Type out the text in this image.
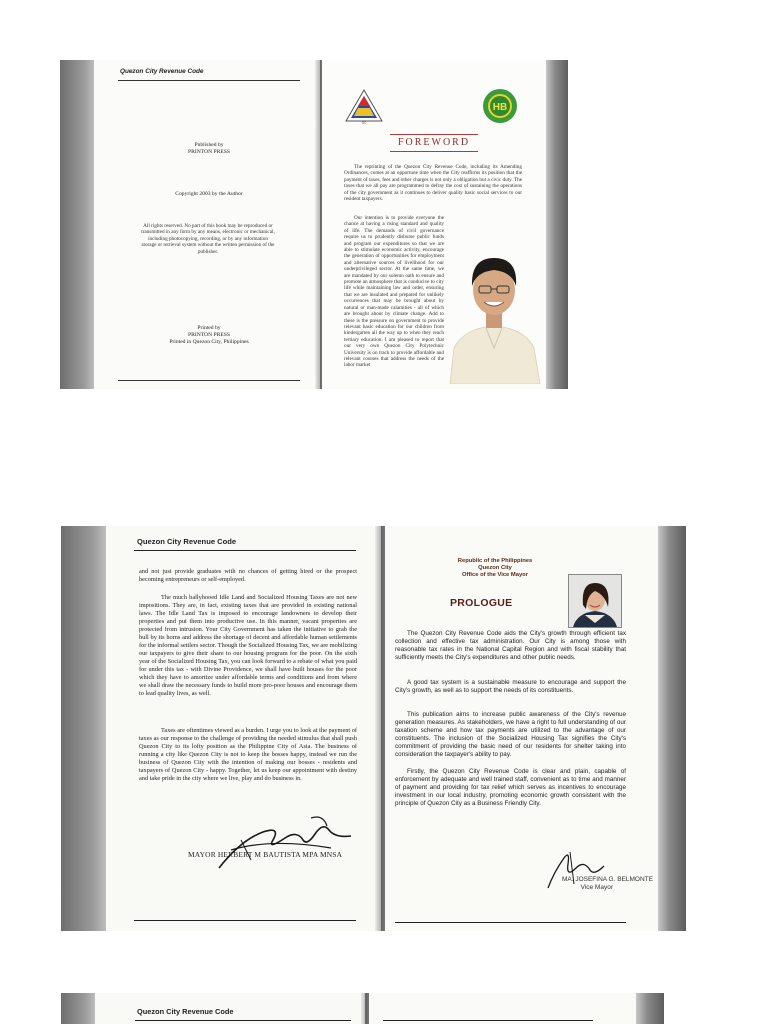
Quezon City Revenue Code
Published by
PRINTON PRESS
Copyright 2003 by the Author
All rights reserved. No part of this book may be reproduced or transmitted in any form by any means, electronic or mechanical, including photocopying, recording, or by any information storage or retrieval system without the written permission of the publisher.
Printed by
PRINTON PRESS
Printed in Quezon City, Philippines
QC
HB
FOREWORD

The reprinting of the Quezon City Revenue Code, including its Amending Ordinances, comes at an opportune time when the City reaffirms its position that the payment of taxes, fees and other charges is not only a obligation but a civic duty. The taxes that we all pay are programmed to defray the cost of sustaining the operations of the city government as it continues to deliver quality basic social services to our resident taxpayers.

Our intention is to provide everyone the chance at having a rising standard and quality of life. The demands of civil governance require us to prudently disburse public funds and program our expenditures so that we are able to stimulate economic activity, encourage the generation of opportunities for employment and alternative sources of livelihood for our underprivileged sector. At the same time, we are mandated by our solemn oath to ensure and promote an atmosphere that is conducive to city life while maintaining law and order, ensuring that we are insulated and prepared for unlikely occurrences that may be brought about by natural or man-made calamities - all of which are brought about by climate change. Add to these is the pressure on government to provide relevant basic education for our children from kindergarten all the way up to when they reach tertiary education. I am pleased to report that our very own Quezon City Polytechnic University is on track to provide affordable and relevant courses that address the needs of the labor market

Quezon City Revenue Code

and not just provide graduates with no chances of getting hired or the prospect becoming entrepreneurs or self-employed.

The much ballyhooed Idle Land and Socialized Housing Taxes are not new impositions. They are, in fact, existing taxes that are provided in existing national laws. The Idle Land Tax is imposed to encourage landowners to develop their properties and put them into productive use. In this manner, vacant properties are protected from intrusion. Your City Government has taken the initiative to grab the bull by its horns and address the shortage of decent and affordable human settlements for the informal settlers sector. Though the Socialized Housing Tax, we are mobilizing our taxpayers to give their share to our housing program for the poor. On the sixth year of the Socialized Housing Tax, you can look forward to a rebate of what you paid for under this tax - with Divine Providence, we shall have built houses for the poor which they have to amortize under affordable terms and conditions and from where we shall draw the necessary funds to build more pro-poor houses and encourage them to lead quality lives, as well.

Taxes are oftentimes viewed as a burden. I urge you to look at the payment of taxes as our response to the challenge of providing the needed stimulus that shall push Quezon City to its lofty position as the Philippine City of Asia. The business of running a city like Quezon City is not to keep the bosses happy, instead we run the business of Quezon City with the intention of making our bosses - residents and taxpayers of Quezon City - happy. Together, let us keep our appointment with destiny and take pride in the city where we live, play and do business in.

MAYOR HERBERT M BAUTISTA MPA MNSA
Republic of the Philippines
Quezon City
Office of the Vice Mayor
PROLOGUE

The Quezon City Revenue Code aids the City's growth through efficient tax collection and effective tax administration. Our City is among those with reasonable tax rates in the National Capital Region and with fiscal stability that sufficiently meets the City's expenditures and other public needs.

A good tax system is a sustainable measure to encourage and support the City's growth, as well as to support the needs of its constituents.

This publication aims to increase public awareness of the City's revenue generation measures. As stakeholders, we have a right to full understanding of our taxation scheme and how tax payments are utilized to the advantage of our constituents. The inclusion of the Socialized Housing Tax signifies the City's commitment of providing the basic need of our residents for shelter taking into consideration the taxpayer's ability to pay.

Firstly, the Quezon City Revenue Code is clear and plain, capable of enforcement by adequate and well trained staff, convenient as to time and manner of payment and providing for tax relief which serves as incentives to encourage investment in our local industry, promoting economic growth consistent with the principle of Quezon City as a Business Friendly City.

MA. JOSEFINA G. BELMONTE
Vice Mayor
Quezon City Revenue Code
